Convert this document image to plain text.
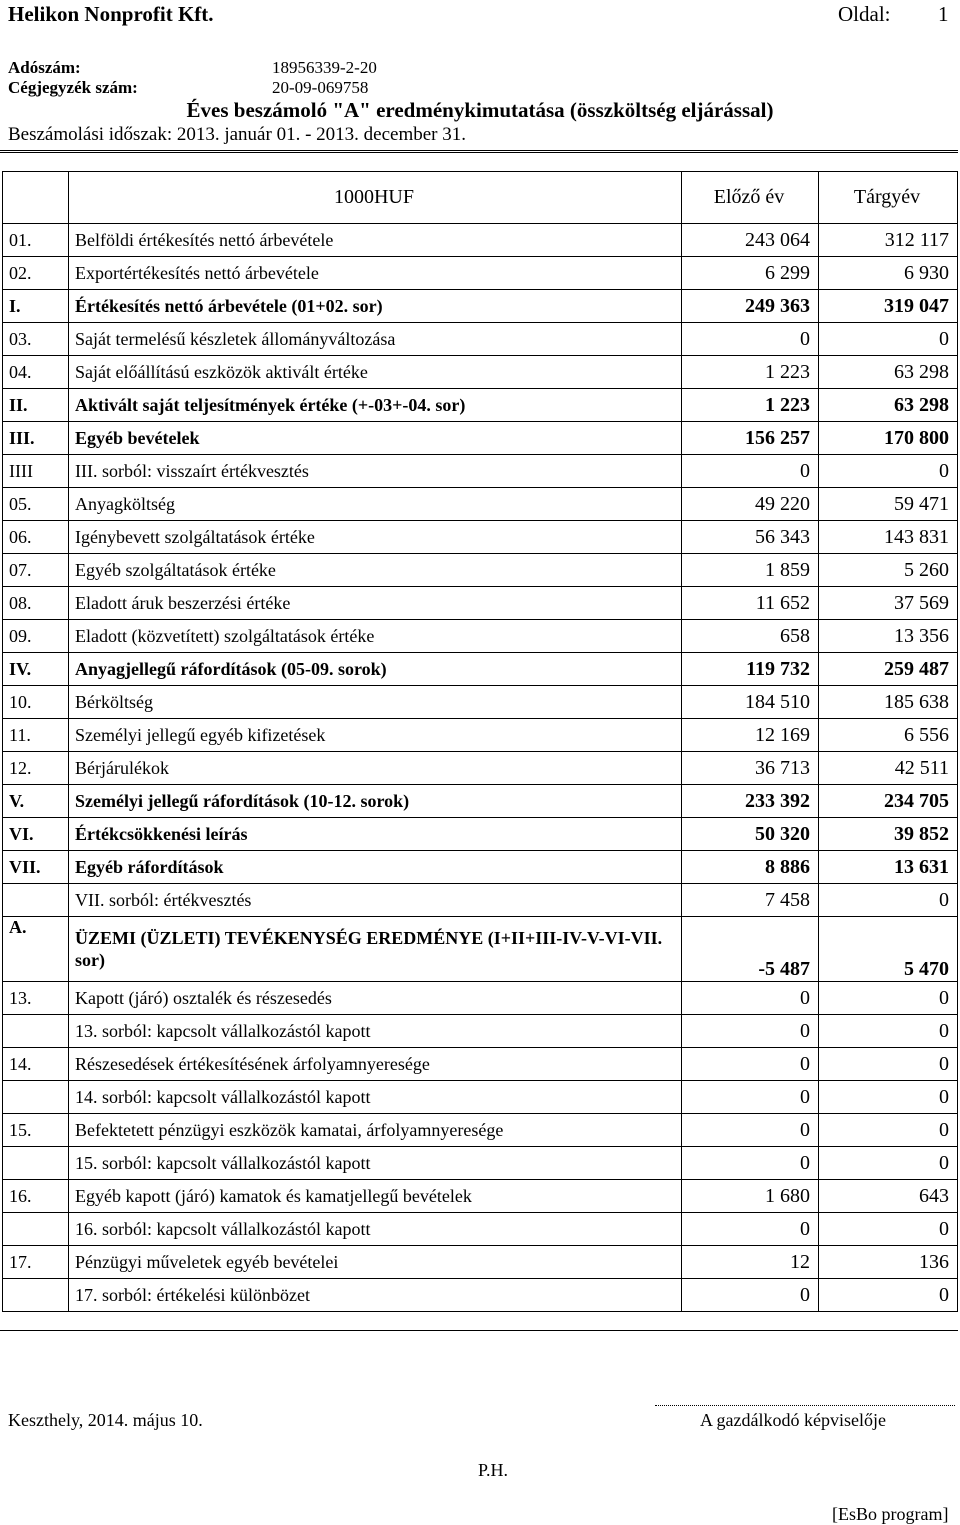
Helikon Nonprofit Kft.	Oldal: 1
Adószám:	18956339-2-20
Cégjegyzék szám:	20-09-069758
Éves beszámoló "A" eredménykimutatása (összköltség eljárással)
Beszámolási időszak: 2013. január 01. - 2013. december 31.
	1000HUF	Előző év	Tárgyév
01.	Belföldi értékesítés nettó árbevétele	243 064	312 117
02.	Exportértékesítés nettó árbevétele	6 299	6 930
I.	Értékesítés nettó árbevétele (01+02. sor)	249 363	319 047
03.	Saját termelésű készletek állományváltozása	0	0
04.	Saját előállítású eszközök aktivált értéke	1 223	63 298
II.	Aktivált saját teljesítmények értéke (+-03+-04. sor)	1 223	63 298
III.	Egyéb bevételek	156 257	170 800
IIII	III. sorból: visszaírt értékvesztés	0	0
05.	Anyagköltség	49 220	59 471
06.	Igénybevett szolgáltatások értéke	56 343	143 831
07.	Egyéb szolgáltatások értéke	1 859	5 260
08.	Eladott áruk beszerzési értéke	11 652	37 569
09.	Eladott (közvetített) szolgáltatások értéke	658	13 356
IV.	Anyagjellegű ráfordítások (05-09. sorok)	119 732	259 487
10.	Bérköltség	184 510	185 638
11.	Személyi jellegű egyéb kifizetések	12 169	6 556
12.	Bérjárulékok	36 713	42 511
V.	Személyi jellegű ráfordítások (10-12. sorok)	233 392	234 705
VI.	Értékcsökkenési leírás	50 320	39 852
VII.	Egyéb ráfordítások	8 886	13 631
	VII. sorból: értékvesztés	7 458	0
A.	ÜZEMI (ÜZLETI) TEVÉKENYSÉG EREDMÉNYE (I+II+III-IV-V-VI-VII. sor)	-5 487	5 470
13.	Kapott (járó) osztalék és részesedés	0	0
	13. sorból: kapcsolt vállalkozástól kapott	0	0
14.	Részesedések értékesítésének árfolyamnyeresége	0	0
	14. sorból: kapcsolt vállalkozástól kapott	0	0
15.	Befektetett pénzügyi eszközök kamatai, árfolyamnyeresége	0	0
	15. sorból: kapcsolt vállalkozástól kapott	0	0
16.	Egyéb kapott (járó) kamatok és kamatjellegű bevételek	1 680	643
	16. sorból: kapcsolt vállalkozástól kapott	0	0
17.	Pénzügyi műveletek egyéb bevételei	12	136
	17. sorból: értékelési különbözet	0	0
Keszthely, 2014. május 10.	A gazdálkodó képviselője
P.H.
[EsBo program]
